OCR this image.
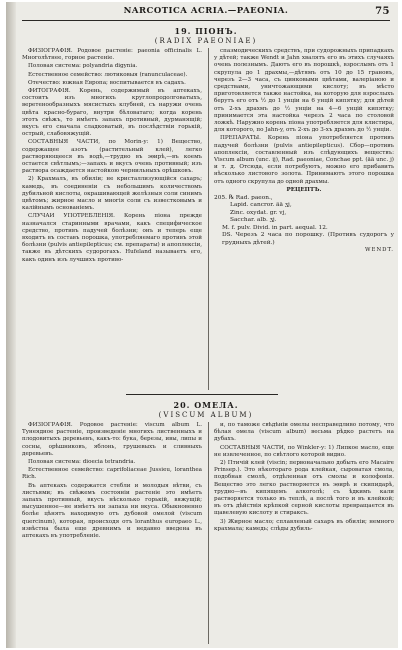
NARCOTICA ACRIA.—PAEONIA.	75
19. ПІОНЪ.
(RADIX PAEONIAE)

ФИЗІОГРАФІЯ. Родовое растеніе: paeonia officinalis L. Многолѣтнее, горное растеніе.

Половая система: polyandria digynia.

Естественное семейство: лютиковыя (ranunculaceae).

Отечество: южная Европа; воспитывается въ садахъ.

ФИТОГРАФІЯ. Корень, содержимый въ аптекахъ, состоитъ изъ многихъ круглопродолговатыхъ, веретенообразныхъ мясистыхъ клубней, съ наружи очень цвѣта красно-бураго, внутри бѣловатаго; когда корень этотъ свѣжъ, то имѣетъ запахъ противный, дурманящій; вкусъ его сначала сладковатый, въ послѣдствіи горькій, острый, слабовяжущій.

СОСТАВНЫЯ ЧАСТИ, по Morin-y: 1) Вещество, содержащее азотъ (растительный клей), легко растворяющееся въ водѣ,—трудно въ эѳирѣ,—въ коемъ остается свѣтлымъ;—запахъ и вкусъ очень противный; изъ раствора осаждается настойкою чернильныхъ орѣшковъ.

2) Крахмалъ, въ обиліи; не кристаллизующійся сахаръ; камедь, въ соединеніи съ небольшимъ количествомъ дубильной кислоты, окрашивающей желѣзныя соли синимъ цвѣтомъ; жирное масло и многія соли съ известковымъ и калійнымъ основаніемъ.

СЛУЧАИ УПОТРЕБЛЕНІЯ. Корень піона прежде назначался старинными врачами, какъ специфическое средство, противъ падучей болѣзни; онъ и теперь еще входитъ въ составъ порошка, употребляемаго противъ этой болѣзни (pulvis antiepilepticus; см. препараты) и апоплексіи, также въ дѣтскихъ судорогахъ. Hufeland называетъ его, какъ одинъ изъ лучшихъ противо-

спазмодическихъ средствъ, при судорожныхъ припадкахъ у дѣтей; также Wendt и Jahn хвалятъ его въ этихъ случаяхъ очень полезнымъ. Даютъ его въ порошкѣ, взрослымъ отъ 1 скрупула до 1 драхмы,—дѣтямъ отъ 10 до 15 грановъ, черезъ 2—3 часа, съ цинковыми цвѣтами, валеріаною и средствами, уничтожающими кислоту; въ мѣсто приготовляется также настойка, на которую для взрослыхъ берутъ его отъ ½ до 1 унціи на 6 унцій кипятку; для дѣтей отъ 2-хъ драхмъ до ½ унціи на 4—6 унцій кипятку; принимается эта настойка черезъ 2 часа по столовой ложкѣ. Наружно корень піона употребляется для клистира, для которого, по Jahn-y, отъ 2-хъ до 3-хъ драхмъ до ½ унціи.

ПРЕПАРАТЫ. Корень піона употребляется противъ падучей болѣзни (pulvis antiepilepticus). Сбор—противъ апоплексіи, составленный изъ слѣдующихъ веществъ: Viscum album (unc. ij), Rad. paeoniae, Conchae ppt. (ää unc. j) и т. д. Отсюда, если потребуютъ, можно его прибавить нѣсколько листового золота. Принимаютъ этого порошка отъ одного скрупула до одной драхмы.

РЕЦЕПТЪ.

205. ℞ Rad. paeon.,
Lapid. cancror. ää ʒj,
Zinc. oxydat. gr. vj,
Sacchar. alb. ʒj.
M. f. pulv. Divid. in part. aequal. 12.
DS. Черезъ 2 часа по порошку. (Противъ судорогъ у грудныхъ дѣтей.)
WENDT.
20. ОМЕЛА.
(VISCUM ALBUM)

ФИЗІОГРАФІЯ. Родовое растеніе: viscum album L. Тунеядное растеніе, произведеніе многихъ лиственныхъ и плодовитыхъ деревьевъ, какъ-то: бука, березы, ивы, липы и сосны, орѣшниковъ, яблонь, грушевыхъ и сливныхъ деревьевъ.

Половая система: dioecia tetrandria.

Естественное семейство: caprifoliaceae Jussieu, loranthea Rich.

Въ аптекахъ содержатся стебли и молодыя вѣтви, съ листьями; въ свѣжемъ состояніи растеніе это имѣетъ запахъ противный, вкусъ нѣсколько горькій, вяжущій; высушенное—не имѣетъ ни запаха ни вкуса. Обыкновенно болѣе цѣнятъ находимую отъ дубовой омелой (viscum quercinum), которая, происходя отъ loranthus europaeo L., извѣстна была еще древнимъ и недавно введена въ аптекахъ въ употребленіе.

и, по таможе свѣдѣніи омелы несправедливо потому, что бѣлая омела (viscum album) весьма рѣдко растетъ на дубахъ.

СОСТАВНЫЯ ЧАСТИ, по Winkler-y: 1) Липкое масло, еще не извлеченное, по свѣтлого которой видно.

2) Птичій клей (viscin; первоначально добыть его Macaire Prinsep.). Это нѣкотораго рода клейкая, сыроватая смола, подобная смолѣ, отдѣленная отъ смолы и колофонія. Вещество это легко растворяется въ эѳирѣ и скипидарѣ, трудно—въ кипящемъ алкоголѣ; съ ѣдкимъ кали растворяется только въ теплѣ, а послѣ того и въ клейкой; въ отъ дѣйствія крѣпкой серной кислоты превращается въ щавелевую кислоту и стираксъ.

3) Жирное масло; сплавленый сахаръ въ обиліи; немного крахмала; камедь; слѣды дубиль-
